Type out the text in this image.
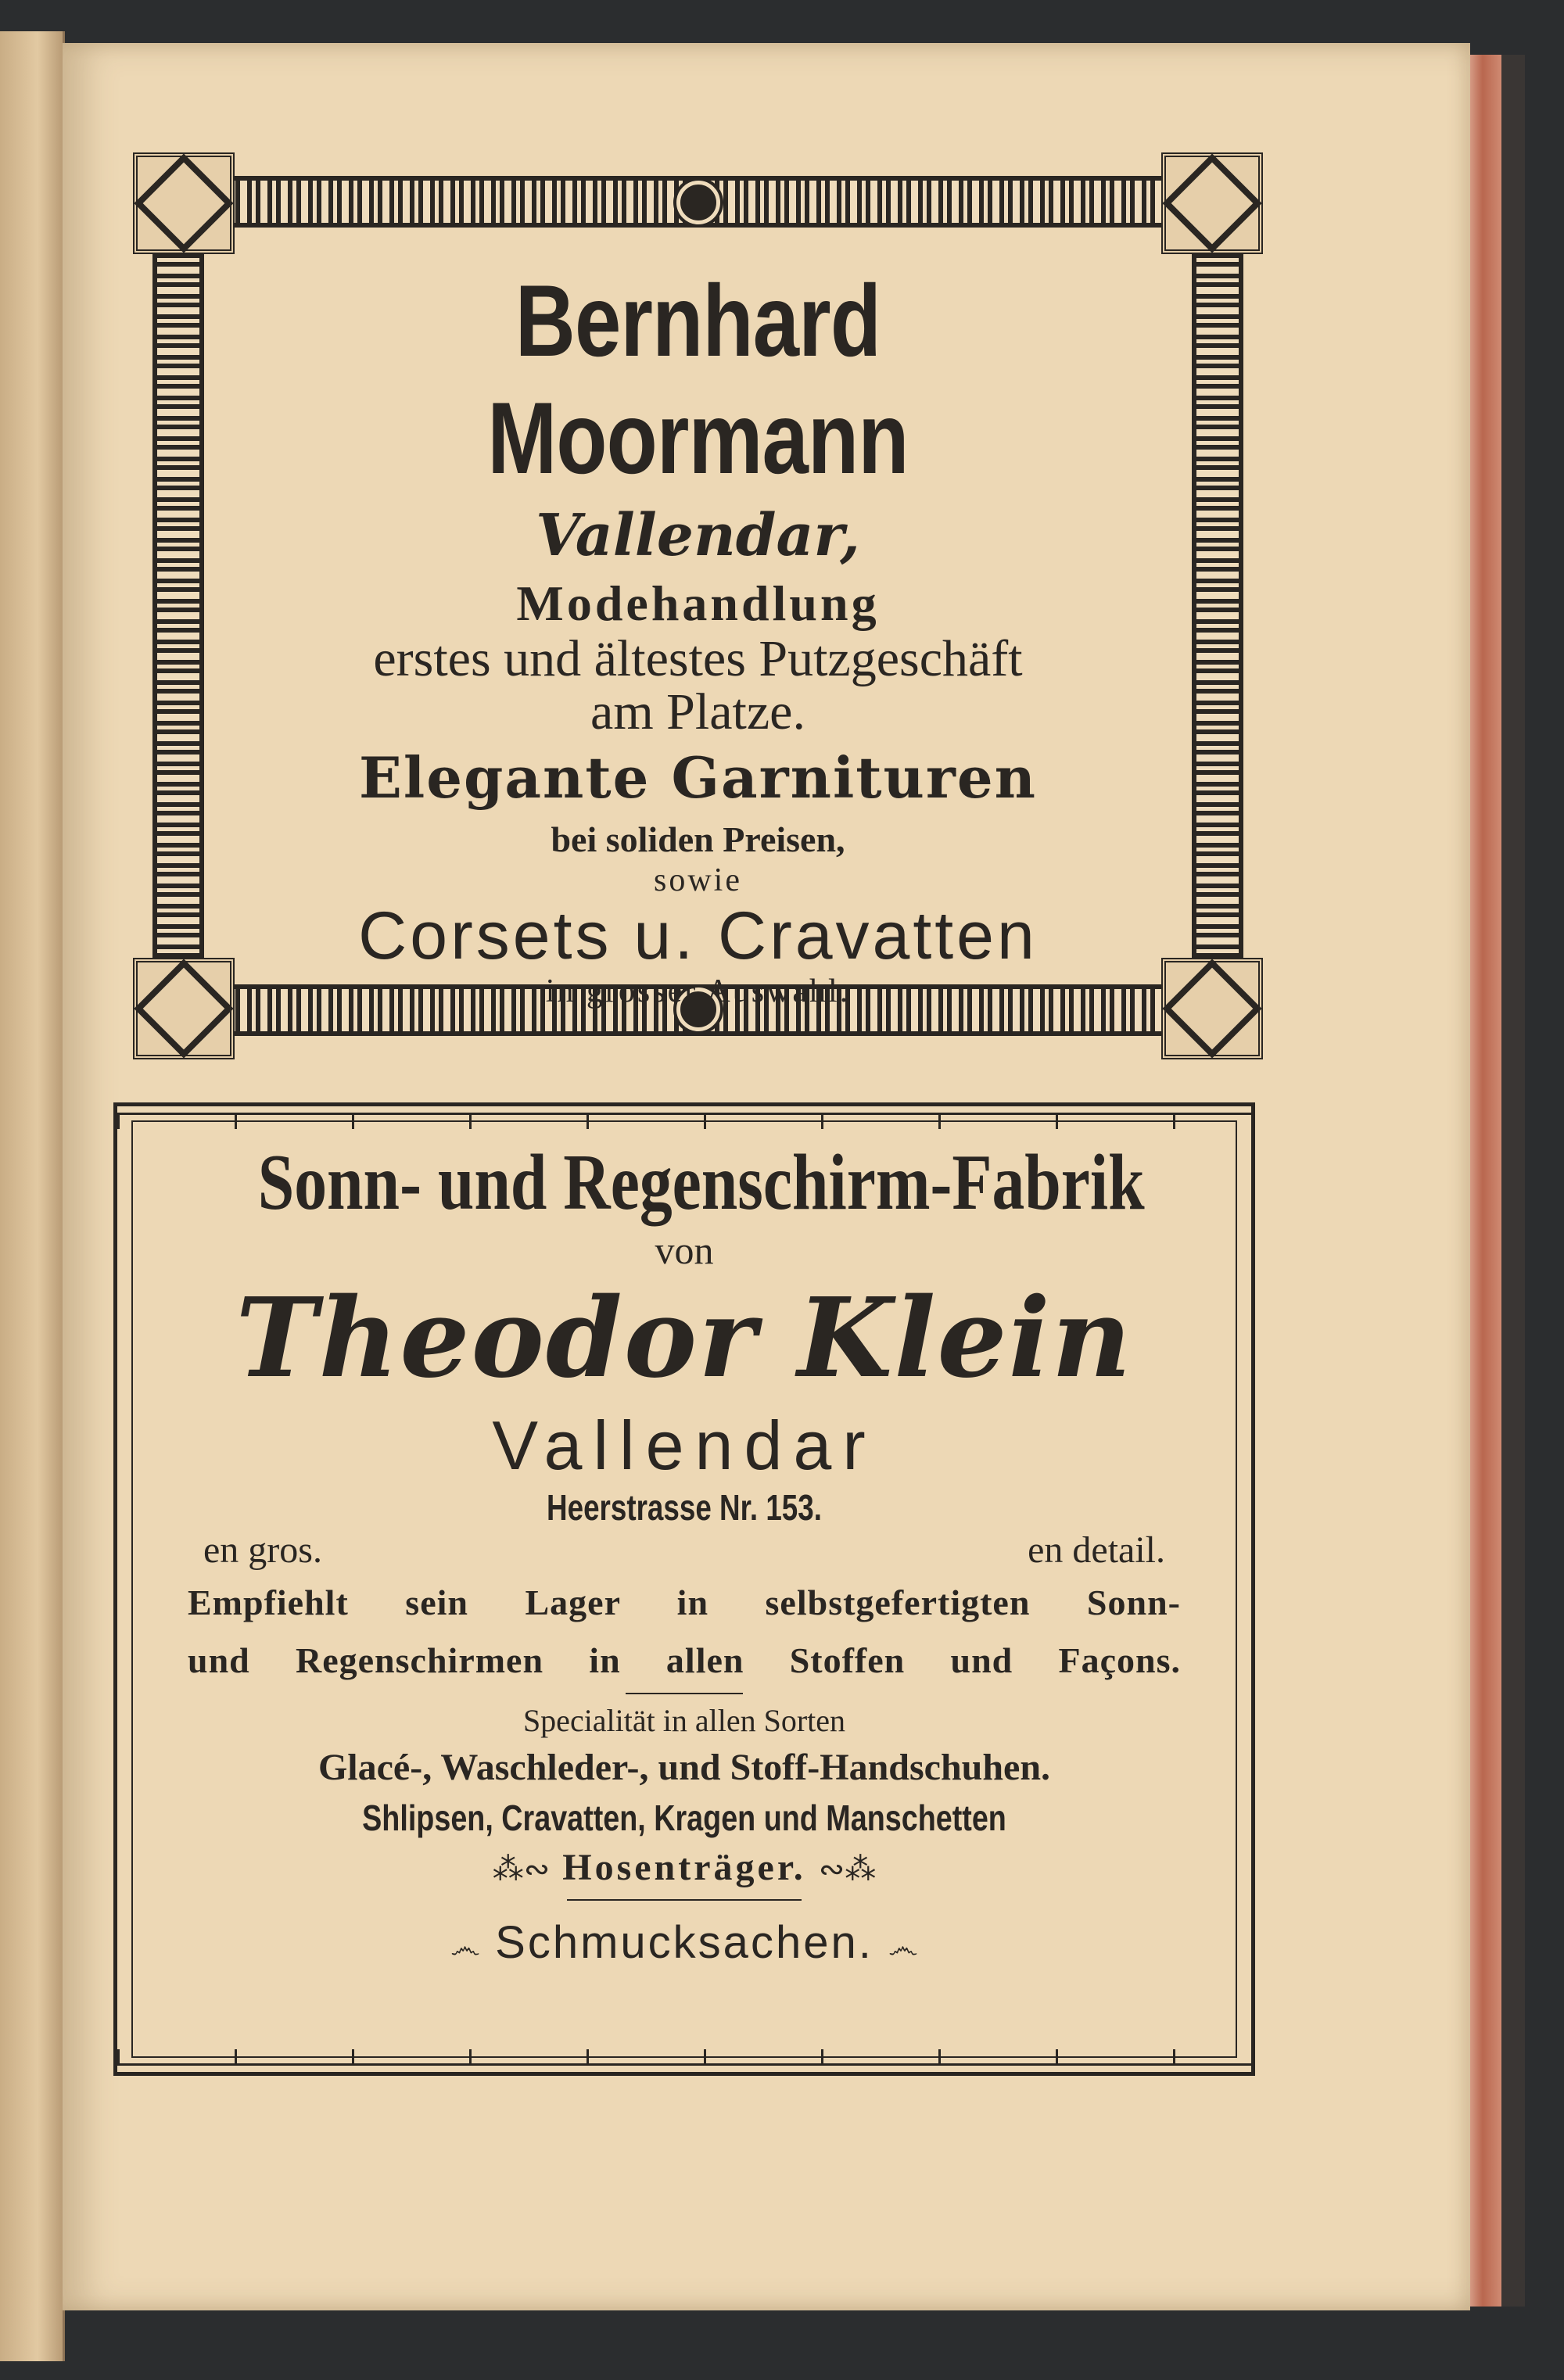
Bernhard Moormann
Vallendar,
Modehandlung
erstes und ältestes Putzgeschäft
am Platze.
Elegante Garnituren
bei soliden Preisen,
sowie
Corsets u. Cravatten
in grosser Auswahl.
Sonn- und Regenschirm-Fabrik
von
Theodor Klein
Vallendar
Heerstrasse Nr. 153.
en gros.	en detail.
Empfiehlt sein Lager in selbstgefertigten Sonn-
und Regenschirmen in allen Stoffen und Façons.
Specialität in allen Sorten
Glacé-, Waschleder-, und Stoff-Handschuhen.
Shlipsen, Cravatten, Kragen und Manschetten
⁂∾ Hosenträger. ∾⁂
෴ Schmucksachen. ෴
